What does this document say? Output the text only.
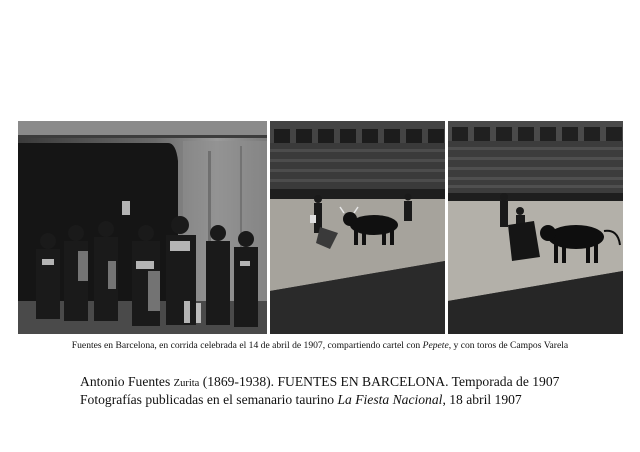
Fuentes en Barcelona, en corrida celebrada el 14 de abril de 1907, compartiendo cartel con Pepete, y con toros de Campos Varela
Antonio Fuentes Zurita (1869-1938). FUENTES EN BARCELONA. Temporada de 1907
Fotografías publicadas en el semanario taurino La Fiesta Nacional, 18 abril 1907
